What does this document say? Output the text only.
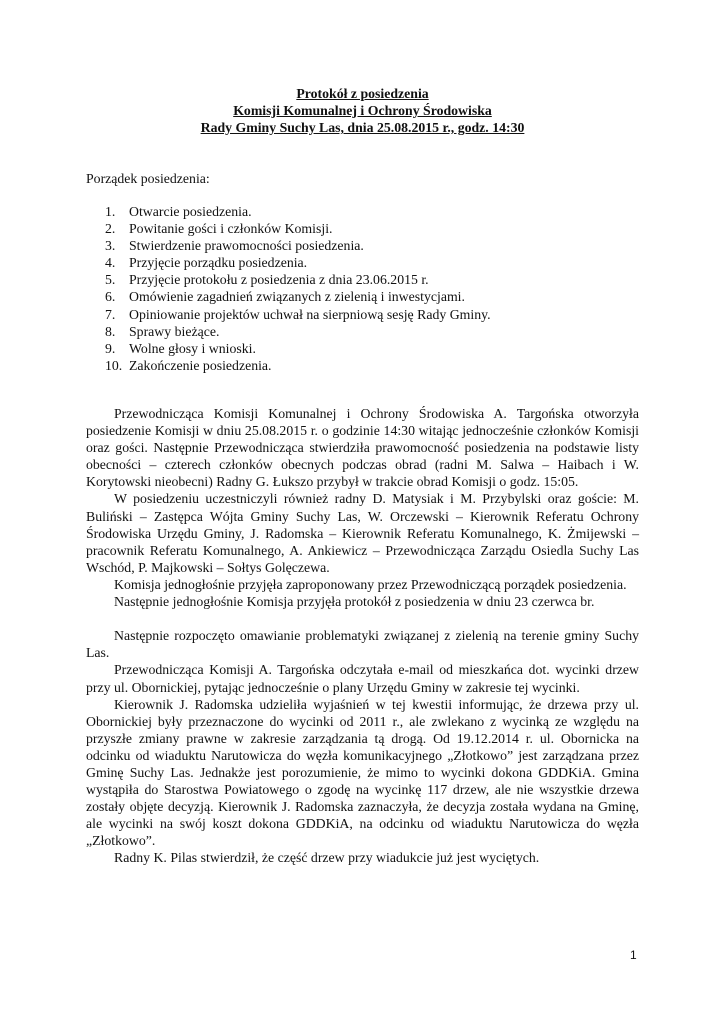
Protokół z posiedzenia
Komisji Komunalnej i Ochrony Środowiska
Rady Gminy Suchy Las, dnia 25.08.2015 r., godz. 14:30
Porządek posiedzenia:
1. Otwarcie posiedzenia.
2. Powitanie gości i członków Komisji.
3. Stwierdzenie prawomocności posiedzenia.
4. Przyjęcie porządku posiedzenia.
5. Przyjęcie protokołu z posiedzenia z dnia 23.06.2015 r.
6. Omówienie zagadnień związanych z zielenią i inwestycjami.
7. Opiniowanie projektów uchwał na sierpniową sesję Rady Gminy.
8. Sprawy bieżące.
9. Wolne głosy i wnioski.
10. Zakończenie posiedzenia.

Przewodnicząca Komisji Komunalnej i Ochrony Środowiska A. Targońska otworzyła posiedzenie Komisji w dniu 25.08.2015 r. o godzinie 14:30 witając jednocześnie członków Komisji oraz gości. Następnie Przewodnicząca stwierdziła prawomocność posiedzenia na podstawie listy obecności – czterech członków obecnych podczas obrad (radni M. Salwa – Haibach i W. Korytowski nieobecni) Radny G. Łukszo przybył w trakcie obrad Komisji o godz. 15:05.

W posiedzeniu uczestniczyli również radny D. Matysiak i M. Przybylski oraz goście: M. Buliński – Zastępca Wójta Gminy Suchy Las, W. Orczewski – Kierownik Referatu Ochrony Środowiska Urzędu Gminy, J. Radomska – Kierownik Referatu Komunalnego, K. Żmijewski – pracownik Referatu Komunalnego, A. Ankiewicz – Przewodnicząca Zarządu Osiedla Suchy Las Wschód, P. Majkowski – Sołtys Golęczewa.

Komisja jednogłośnie przyjęła zaproponowany przez Przewodniczącą porządek posiedzenia.

Następnie jednogłośnie Komisja przyjęła protokół z posiedzenia w dniu 23 czerwca br.

Następnie rozpoczęto omawianie problematyki związanej z zielenią na terenie gminy Suchy Las.

Przewodnicząca Komisji A. Targońska odczytała e-mail od mieszkańca dot. wycinki drzew przy ul. Obornickiej, pytając jednocześnie o plany Urzędu Gminy w zakresie tej wycinki.

Kierownik J. Radomska udzieliła wyjaśnień w tej kwestii informując, że drzewa przy ul. Obornickiej były przeznaczone do wycinki od 2011 r., ale zwlekano z wycinką ze względu na przyszłe zmiany prawne w zakresie zarządzania tą drogą. Od 19.12.2014 r. ul. Obornicka na odcinku od wiaduktu Narutowicza do węzła komunikacyjnego „Złotkowo” jest zarządzana przez Gminę Suchy Las. Jednakże jest porozumienie, że mimo to wycinki dokona GDDKiA. Gmina wystąpiła do Starostwa Powiatowego o zgodę na wycinkę 117 drzew, ale nie wszystkie drzewa zostały objęte decyzją. Kierownik J. Radomska zaznaczyła, że decyzja została wydana na Gminę, ale wycinki na swój koszt dokona GDDKiA, na odcinku od wiaduktu Narutowicza do węzła „Złotkowo”.

Radny K. Pilas stwierdził, że część drzew przy wiadukcie już jest wyciętych.

1
